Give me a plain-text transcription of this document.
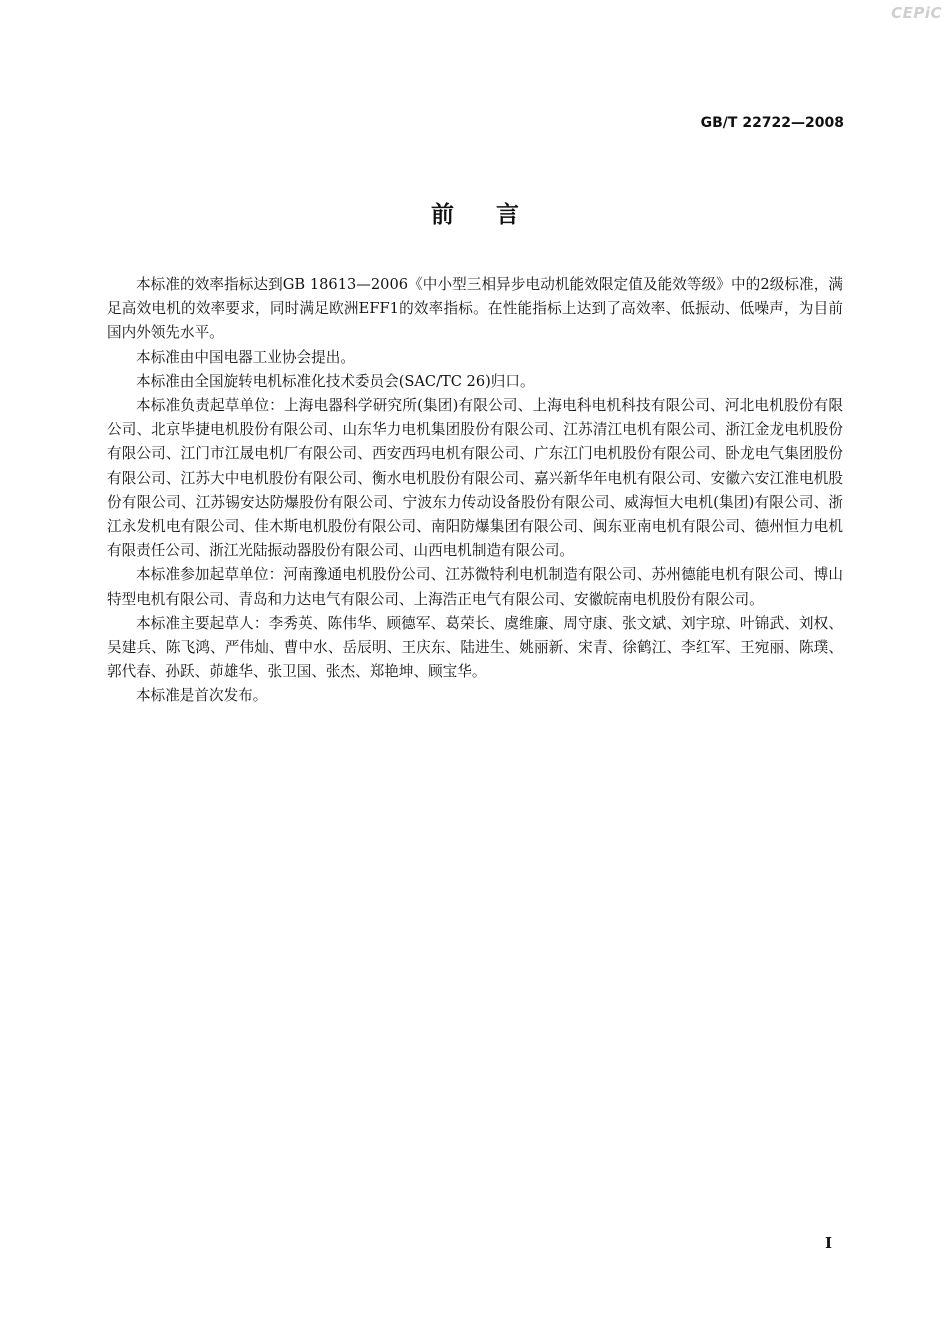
CEPiC
GB/T 22722—2008
前言

本标准的效率指标达到GB 18613—2006《中小型三相异步电动机能效限定值及能效等级》中的2级标准，满足高效电机的效率要求，同时满足欧洲EFF1的效率指标。在性能指标上达到了高效率、低振动、低噪声，为目前国内外领先水平。

本标准由中国电器工业协会提出。

本标准由全国旋转电机标准化技术委员会(SAC/TC 26)归口。

本标准负责起草单位：上海电器科学研究所(集团)有限公司、上海电科电机科技有限公司、河北电机股份有限公司、北京毕捷电机股份有限公司、山东华力电机集团股份有限公司、江苏清江电机有限公司、浙江金龙电机股份有限公司、江门市江晟电机厂有限公司、西安西玛电机有限公司、广东江门电机股份有限公司、卧龙电气集团股份有限公司、江苏大中电机股份有限公司、衡水电机股份有限公司、嘉兴新华年电机有限公司、安徽六安江淮电机股份有限公司、江苏锡安达防爆股份有限公司、宁波东力传动设备股份有限公司、威海恒大电机(集团)有限公司、浙江永发机电有限公司、佳木斯电机股份有限公司、南阳防爆集团有限公司、闽东亚南电机有限公司、德州恒力电机有限责任公司、浙江光陆振动器股份有限公司、山西电机制造有限公司。

本标准参加起草单位：河南豫通电机股份公司、江苏微特利电机制造有限公司、苏州德能电机有限公司、博山特型电机有限公司、青岛和力达电气有限公司、上海浩正电气有限公司、安徽皖南电机股份有限公司。

本标准主要起草人：李秀英、陈伟华、顾德军、葛荣长、虞维廉、周守康、张文斌、刘宇琼、叶锦武、刘权、吴建兵、陈飞鸿、严伟灿、曹中水、岳辰明、王庆东、陆进生、姚丽新、宋青、徐鹤江、李红军、王宛丽、陈璞、郭代春、孙跃、茆雄华、张卫国、张杰、郑艳坤、顾宝华。

本标准是首次发布。

I
